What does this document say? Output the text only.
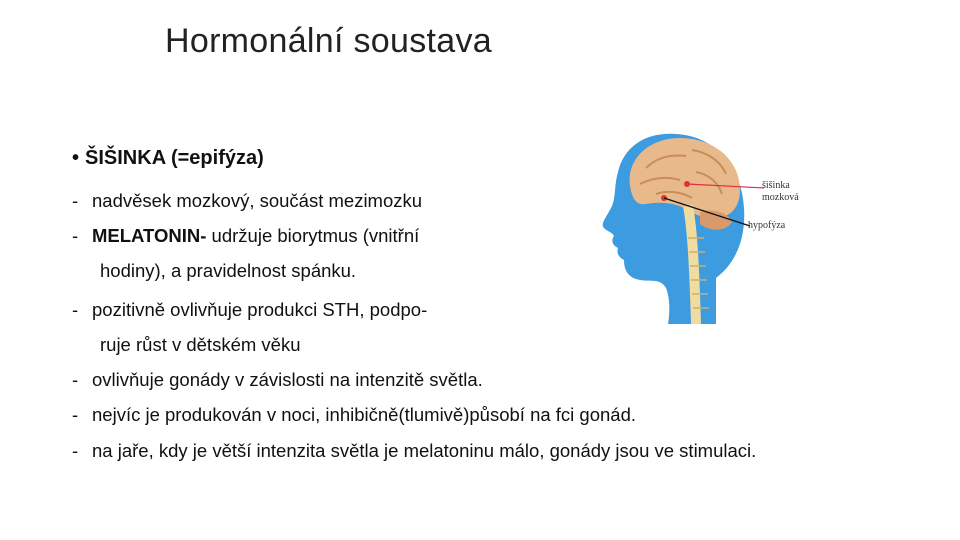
Hormonální soustava
• ŠIŠINKA (=epifýza)
- nadvěsek mozkový, součást mezimozku
- MELATONIN- udržuje biorytmus (vnitřní
hodiny), a pravidelnost spánku.
- pozitivně ovlivňuje produkci STH, podpo-
ruje růst v dětském věku
- ovlivňuje gonády v závislosti na intenzitě světla.
- nejvíc je produkován v noci, inhibičně(tlumivě)působí na fci gonád.
- na jaře, kdy je větší intenzita světla je melatoninu málo, gonády jsou ve stimulaci.
šišinka
mozková
hypofýza
